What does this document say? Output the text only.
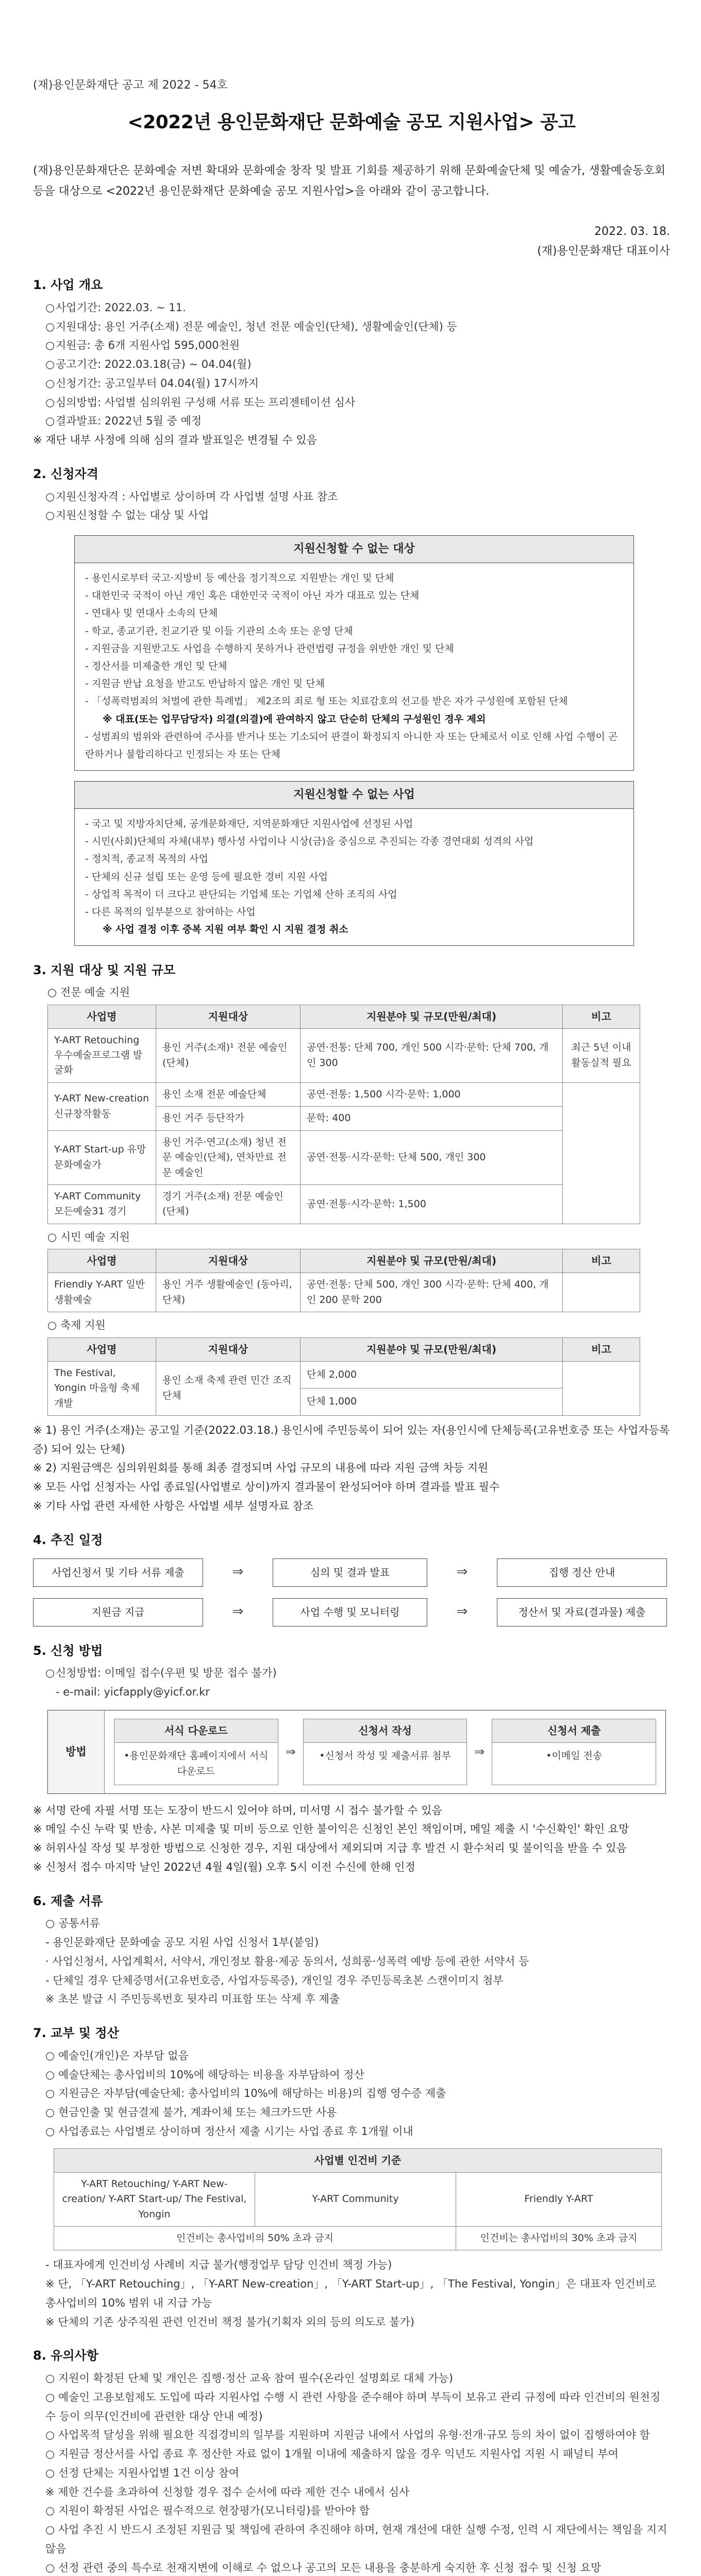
(재)용인문화재단 공고 제 2022 - 54호
<2022년 용인문화재단 문화예술 공모 지원사업> 공고
(재)용인문화재단은 문화예술 저변 확대와 문화예술 창작 및 발표 기회를 제공하기 위해 문화예술단체 및 예술가, 생활예술동호회 등을 대상으로 <2022년 용인문화재단 문화예술 공모 지원사업>을 아래와 같이 공고합니다.
2022. 03. 18.
(재)용인문화재단 대표이사
1. 사업 개요
○사업기간: 2022.03. ~ 11.
○지원대상: 용인 거주(소재) 전문 예술인, 청년 전문 예술인(단체), 생활예술인(단체) 등
○지원금: 총 6개 지원사업 595,000천원
○공고기간: 2022.03.18(금) ~ 04.04(월)
○신청기간: 공고일부터 04.04(월) 17시까지
○심의방법: 사업별 심의위원 구성해 서류 또는 프리젠테이션 심사
○결과발표: 2022년 5월 중 예정
※ 재단 내부 사정에 의해 심의 결과 발표일은 변경될 수 있음
2. 신청자격
○지원신청자격 : 사업별로 상이하며 각 사업별 설명 사표 참조
○지원신청할 수 없는 대상 및 사업
지원신청할 수 없는 대상
- 용인시로부터 국고·지방비 등 예산을 정기적으로 지원받는 개인 및 단체
- 대한민국 국적이 아닌 개인 혹은 대한민국 국적이 아닌 자가 대표로 있는 단체
- 연대사 및 연대사 소속의 단체
- 학교, 종교기관, 친교기관 및 이들 기관의 소속 또는 운영 단체
- 지원금을 지원받고도 사업을 수행하지 못하거나 관련법령 규정을 위반한 개인 및 단체
- 정산서를 미제출한 개인 및 단체
- 지원금 반납 요청을 받고도 반납하지 않은 개인 및 단체
- 「성폭력범죄의 처벌에 관한 특례법」 제2조의 죄로 형 또는 치료감호의 선고를 받은 자가 구성원에 포함된 단체
※ 대표(또는 업무담당자) 의결(의결)에 관여하지 않고 단순히 단체의 구성원인 경우 제외
- 성범죄의 범위와 관련하여 주사를 받거나 또는 기소되어 판결이 확정되지 아니한 자 또는 단체로서 이로 인해 사업 수행이 곤란하거나 불합리하다고 인정되는 자 또는 단체
지원신청할 수 없는 사업
- 국고 및 지방자치단체, 공개문화재단, 지역문화재단 지원사업에 선정된 사업
- 시민(사회)단체의 자체(내부) 행사성 사업이나 시상(금)을 중심으로 추진되는 각종 경연대회 성격의 사업
- 정치적, 종교적 목적의 사업
- 단체의 신규 설립 또는 운영 등에 필요한 경비 지원 사업
- 상업적 목적이 더 크다고 판단되는 기업체 또는 기업체 산하 조직의 사업
- 다른 목적의 일부분으로 참여하는 사업
※ 사업 결정 이후 중복 지원 여부 확인 시 지원 결정 취소
3. 지원 대상 및 지원 규모
○ 전문 예술 지원
사업명	지원대상	지원분야 및 규모(만원/최대)	비고
Y-ART Retouching 우수예술프로그램 발굴화	용인 거주(소재)¹ 전문 예술인(단체)	공연·전통: 단체 700, 개인 500 시각·문학: 단체 700, 개인 300	최근 5년 이내 활동실적 필요
Y-ART New-creation 신규창작활동	용인 소재 전문 예술단체	공연·전통: 1,500 시각·문학: 1,000	
	용인 거주 등단작가	문학: 400	
Y-ART Start-up 유망문화예술가	용인 거주·연고(소재) 청년 전문 예술인(단체), 연차만료 전문 예술인	공연·전통·시각·문학: 단체 500, 개인 300	
Y-ART Community 모든예술31 경기	경기 거주(소재) 전문 예술인(단체)	공연·전통·시각·문학: 1,500	
○ 시민 예술 지원
사업명	지원대상	지원분야 및 규모(만원/최대)	비고
Friendly Y-ART 일반 생활예술	용인 거주 생활예술인 (동아리, 단체)	공연·전통: 단체 500, 개인 300 시각·문학: 단체 400, 개인 200 문학 200	
○ 축제 지원
사업명	지원대상	지원분야 및 규모(만원/최대)	비고
The Festival, Yongin 마을형 축제 개발	용인 소재 축제 관련 민간 조직단체	단체 2,000	
		단체 1,000	
※ 1) 용인 거주(소재)는 공고일 기준(2022.03.18.) 용인시에 주민등록이 되어 있는 자(용인시에 단체등록(고유번호증 또는 사업자등록증) 되어 있는 단체)
※ 2) 지원금액은 심의위원회를 통해 최종 결정되며 사업 규모의 내용에 따라 지원 금액 차등 지원
※ 모든 사업 신청자는 사업 종료일(사업별로 상이)까지 결과물이 완성되어야 하며 결과를 발표 필수
※ 기타 사업 관련 자세한 사항은 사업별 세부 설명자료 참조
4. 추진 일정
사업신청서 및 기타 서류 제출	⇒	심의 및 결과 발표	⇒	집행 정산 안내
지원금 지급	⇒	사업 수행 및 모니터링	⇒	정산서 및 자료(결과물) 제출
5. 신청 방법
○신청방법: 이메일 접수(우편 및 방문 접수 불가)
- e-mail: yicfapply@yicf.or.kr
방법
서식 다운로드
•용인문화재단 홈페이지에서 서식 다운로드
⇒
신청서 작성
•신청서 작성 및 제출서류 첨부	⇒
신청서 제출
•이메일 전송
※ 서명 란에 자필 서명 또는 도장이 반드시 있어야 하며, 미서명 시 접수 불가할 수 있음
※ 메일 수신 누락 및 반송, 사본 미제출 및 미비 등으로 인한 불이익은 신청인 본인 책임이며, 메일 제출 시 '수신확인' 확인 요망
※ 허위사실 작성 및 부정한 방법으로 신청한 경우, 지원 대상에서 제외되며 지급 후 발견 시 환수처리 및 불이익을 받을 수 있음
※ 신청서 접수 마지막 날인 2022년 4월 4일(월) 오후 5시 이전 수신에 한해 인정
6. 제출 서류
○ 공통서류
- 용인문화재단 문화예술 공모 지원 사업 신청서 1부(붙임)
· 사업신청서, 사업계획서, 서약서, 개인정보 활용·제공 동의서, 성희롱·성폭력 예방 등에 관한 서약서 등
- 단체일 경우 단체증명서(고유번호증, 사업자등록증), 개인일 경우 주민등록초본 스캔이미지 첨부
※ 초본 발급 시 주민등록번호 뒷자리 미표함 또는 삭제 후 제출
7. 교부 및 정산
○ 예술인(개인)은 자부담 없음
○ 예술단체는 총사업비의 10%에 해당하는 비용을 자부담하여 정산
○ 지원금은 자부담(예술단체: 총사업비의 10%에 해당하는 비용)의 집행 영수증 제출
○ 현금인출 및 현금결제 불가, 계좌이체 또는 체크카드만 사용
○ 사업종료는 사업별로 상이하며 정산서 제출 시기는 사업 종료 후 1개월 이내
사업별 인건비 기준		
Y-ART Retouching/ Y-ART New-creation/ Y-ART Start-up/ The Festival, Yongin	Y-ART Community	Friendly Y-ART
인건비는 총사업비의 50% 초과 금지		인건비는 총사업비의 30% 초과 금지
- 대표자에게 인건비성 사례비 지급 불가(행정업무 담당 인건비 책정 가능)
※ 단, 「Y-ART Retouching」, 「Y-ART New-creation」, 「Y-ART Start-up」, 「The Festival, Yongin」은 대표자 인건비로 총사업비의 10% 범위 내 지급 가능
※ 단체의 기존 상주직원 관련 인건비 책정 불가(기획자 외의 등의 의도로 불가)
8. 유의사항
○ 지원이 확정된 단체 및 개인은 집행·정산 교육 참여 필수(온라인 설명회로 대체 가능)
○ 예술인 고용보험제도 도입에 따라 지원사업 수행 시 관련 사항을 준수해야 하며 부득이 보유고 관리 규정에 따라 인건비의 원천징수 등이 의무(인건비에 관련한 대상 안내 예정)
○ 사업목적 달성을 위해 필요한 직접경비의 일부를 지원하며 지원금 내에서 사업의 유형·전개·규모 등의 차이 없이 집행하여야 함
○ 지원금 정산서를 사업 종료 후 정산한 자료 없이 1개월 이내에 제출하지 않을 경우 익년도 지원사업 지원 시 패널티 부여
○ 선정 단체는 지원사업별 1건 이상 참여
※ 제한 건수를 초과하여 신청할 경우 접수 순서에 따라 제한 건수 내에서 심사
○ 지원이 확정된 사업은 필수적으로 현장평가(모니터링)를 받아야 함
○ 사업 추진 시 반드시 조정된 지원금 및 책임에 관하여 추진해야 하며, 현재 개선에 대한 실행 수정, 인력 시 재단에서는 책임을 지지 않음
○ 선정 관련 중의 특수로 천재지변에 이해로 수 없으나 공고의 모든 내용을 충분하게 숙지한 후 신청 접수 및 신청 요망
